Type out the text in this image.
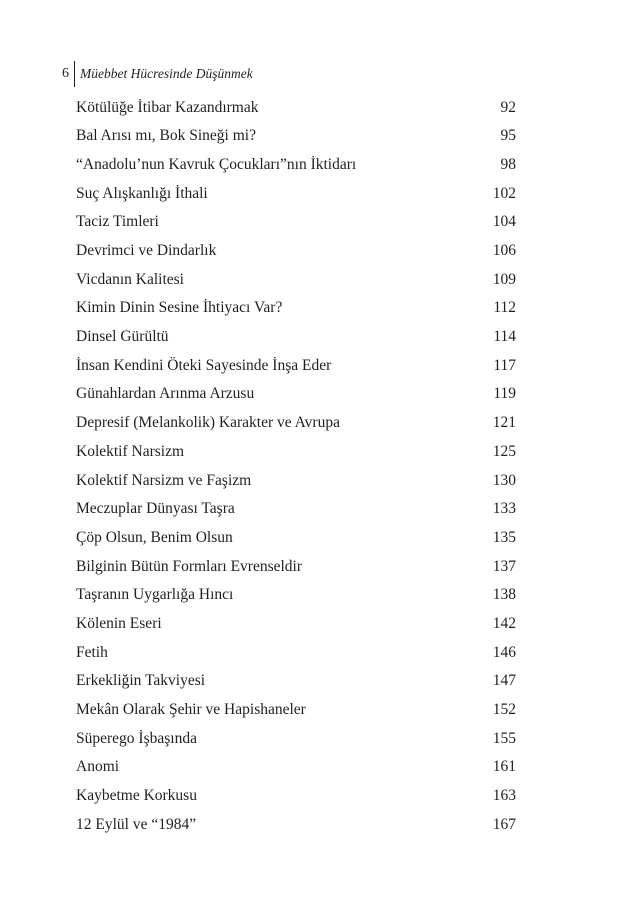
6 Müebbet Hücresinde Düşünmek
Kötülüğe İtibar Kazandırmak	92
Bal Arısı mı, Bok Sineği mi?	95
“Anadolu’nun Kavruk Çocukları”nın İktidarı	98
Suç Alışkanlığı İthali	102
Taciz Timleri	104
Devrimci ve Dindarlık	106
Vicdanın Kalitesi	109
Kimin Dinin Sesine İhtiyacı Var?	112
Dinsel Gürültü	114
İnsan Kendini Öteki Sayesinde İnşa Eder	117
Günahlardan Arınma Arzusu	119
Depresif (Melankolik) Karakter ve Avrupa	121
Kolektif Narsizm	125
Kolektif Narsizm ve Faşizm	130
Meczuplar Dünyası Taşra	133
Çöp Olsun, Benim Olsun	135
Bilginin Bütün Formları Evrenseldir	137
Taşranın Uygarlığa Hıncı	138
Kölenin Eseri	142
Fetih	146
Erkekliğin Takviyesi	147
Mekân Olarak Şehir ve Hapishaneler	152
Süperego İşbaşında	155
Anomi	161
Kaybetme Korkusu	163
12 Eylül ve “1984”	167
